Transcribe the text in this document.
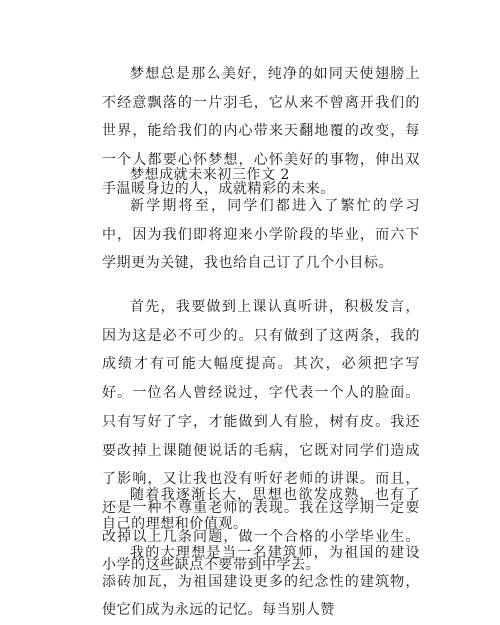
梦想总是那么美好，纯净的如同天使翅膀上不经意飘落的一片羽毛，它从来不曾离开我们的世界，能给我们的内心带来天翻地覆的改变，每一个人都要心怀梦想，心怀美好的事物，伸出双手温暖身边的人，成就精彩的未来。

梦想成就未来初三作文 2

新学期将至，同学们都进入了繁忙的学习中，因为我们即将迎来小学阶段的毕业，而六下学期更为关键，我也给自己订了几个小目标。

首先，我要做到上课认真听讲，积极发言，因为这是必不可少的。只有做到了这两条，我的成绩才有可能大幅度提高。其次，必须把字写好。一位名人曾经说过，字代表一个人的脸面。只有写好了字，才能做到人有脸，树有皮。我还要改掉上课随便说话的毛病，它既对同学们造成了影响，又让我也没有听好老师的讲课。而且，还是一种不尊重老师的表现。我在这学期一定要改掉以上几条问题，做一个合格的小学毕业生。小学的这些缺点不要带到中学去。

随着我逐渐长大，思想也欲发成熟，也有了自己的理想和价值观。

我的大理想是当一名建筑师，为祖国的建设添砖加瓦，为祖国建设更多的纪念性的建筑物，使它们成为永远的记忆。每当别人赞
